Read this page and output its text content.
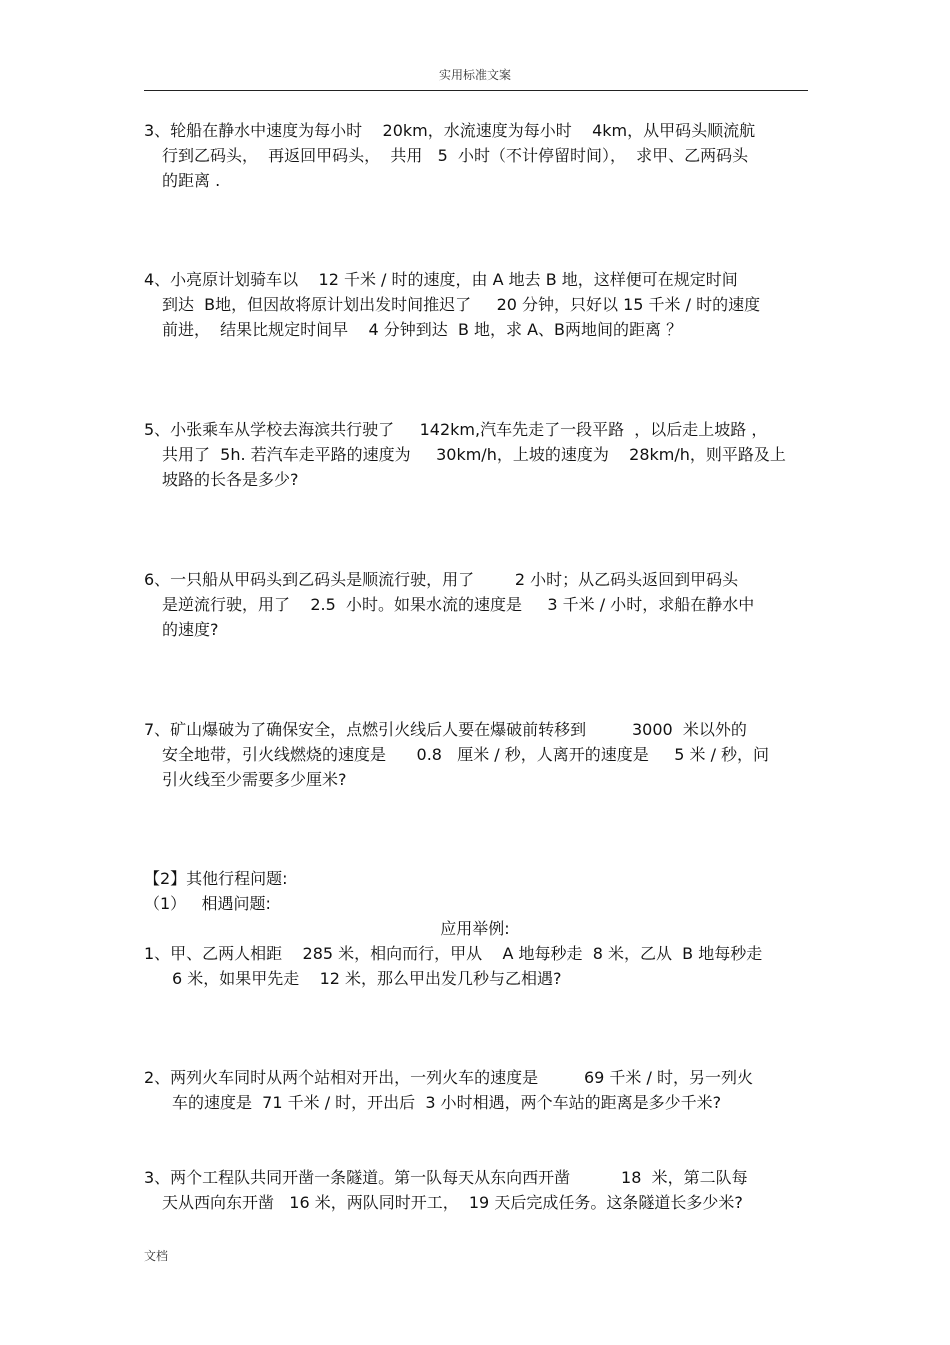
实用标准文案

3、轮船在静水中速度为每小时    20km，水流速度为每小时    4km，从甲码头顺流航

行到乙码头，  再返回甲码头，  共用   5  小时（不计停留时间），  求甲、乙两码头

的距离 .

4、小亮原计划骑车以    12 千米 / 时的速度，由 A 地去 B 地，这样便可在规定时间

到达  B地，但因故将原计划出发时间推迟了     20 分钟，只好以 15 千米 / 时的速度

前进，  结果比规定时间早    4 分钟到达  B 地，求 A、B两地间的距离 ？

5、小张乘车从学校去海滨共行驶了     142km,汽车先走了一段平路  ，以后走上坡路 ，

共用了  5h. 若汽车走平路的速度为     30km/h，上坡的速度为    28km/h，则平路及上

坡路的长各是多少?

6、一只船从甲码头到乙码头是顺流行驶，用了        2 小时；从乙码头返回到甲码头

是逆流行驶，用了    2.5  小时。如果水流的速度是     3 千米 / 小时，求船在静水中

的速度?

7、矿山爆破为了确保安全，点燃引火线后人要在爆破前转移到         3000  米以外的

安全地带，引火线燃烧的速度是      0.8   厘米 / 秒，人离开的速度是     5 米 / 秒，问

引火线至少需要多少厘米?

【2】其他行程问题:
（1）   相遇问题:
应用举例:

1、甲、乙两人相距    285 米，相向而行，甲从    A 地每秒走  8 米，乙从  B 地每秒走

6 米，如果甲先走    12 米，那么甲出发几秒与乙相遇?

2、两列火车同时从两个站相对开出，一列火车的速度是         69 千米 / 时，另一列火

车的速度是  71 千米 / 时，开出后  3 小时相遇，两个车站的距离是多少千米?

3、两个工程队共同开凿一条隧道。第一队每天从东向西开凿          18  米，第二队每

天从西向东开凿   16 米，两队同时开工，  19 天后完成任务。这条隧道长多少米?

文档
